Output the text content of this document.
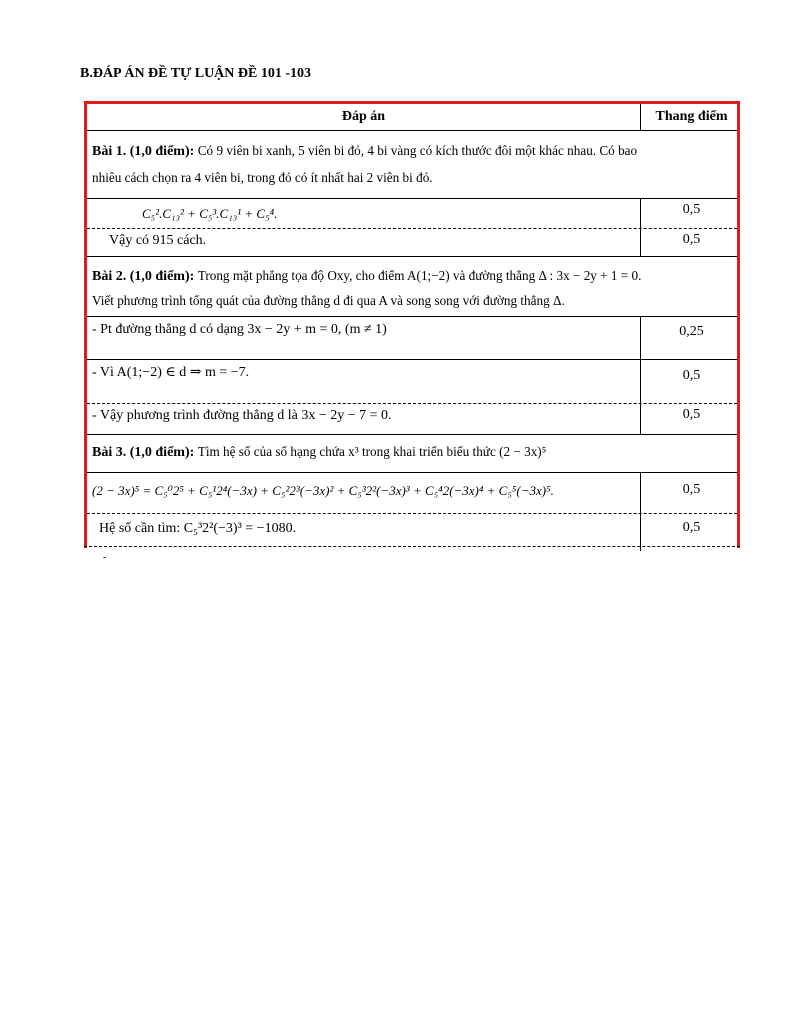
B.ĐÁP ÁN ĐỀ TỰ LUẬN ĐỀ 101 -103
Đáp án	Thang điểm
Bài 1. (1,0 điểm): Có 9 viên bi xanh, 5 viên bi đỏ, 4 bi vàng có kích thước đôi một khác nhau. Có bao
nhiêu cách chọn ra 4 viên bi, trong đó có ít nhất hai 2 viên bi đỏ.
C₅².C₁₃² + C₅³.C₁₃¹ + C₅⁴.	0,5
Vậy có 915 cách.	0,5
Bài 2. (1,0 điểm): Trong mặt phẳng tọa độ Oxy, cho điểm A(1;−2) và đường thẳng Δ : 3x − 2y + 1 = 0.
Viết phương trình tổng quát của đường thẳng d đi qua A và song song với đường thẳng Δ.
- Pt đường thẳng d có dạng 3x − 2y + m = 0, (m ≠ 1)	0,25
- Vì A(1;−2) ∈ d ⇒ m = −7.	0,5
- Vậy phương trình đường thẳng d là 3x − 2y − 7 = 0.	0,5
Bài 3. (1,0 điểm): Tìm hệ số của số hạng chứa x³ trong khai triển biểu thức (2 − 3x)⁵
(2 − 3x)⁵ = C₅⁰2⁵ + C₅¹2⁴(−3x) + C₅²2³(−3x)² + C₅³2²(−3x)³ + C₅⁴2(−3x)⁴ + C₅⁵(−3x)⁵.	0,5
Hệ số cần tìm: C₅³2²(−3)³ = −1080.	0,5
-
